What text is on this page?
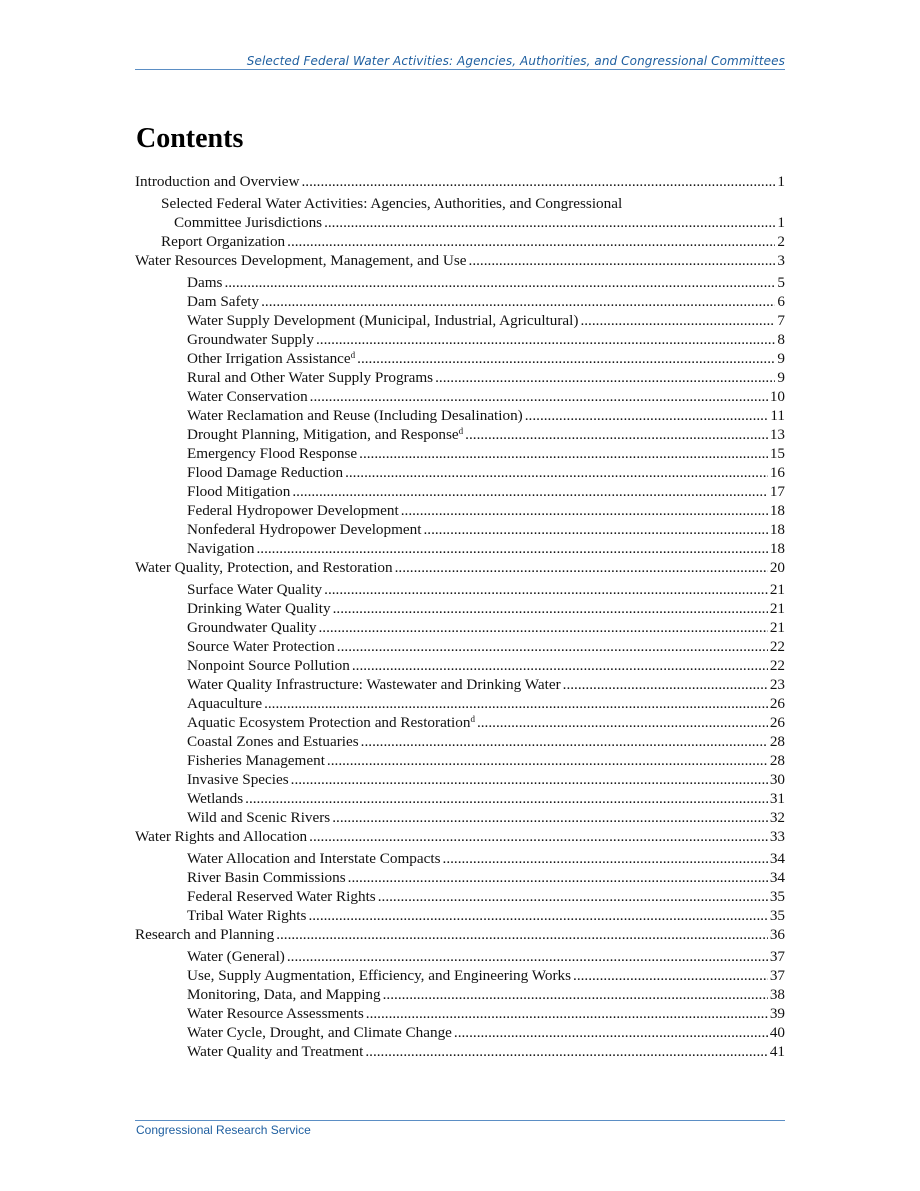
Selected Federal Water Activities: Agencies, Authorities, and Congressional Committees
Contents
Introduction and Overview .....	1
Selected Federal Water Activities: Agencies, Authorities, and Congressional
Committee Jurisdictions .....	1
Report Organization .....	2
Water Resources Development, Management, and Use .....	3
Dams .....	5
Dam Safety .....	6
Water Supply Development (Municipal, Industrial, Agricultural) .....	7
Groundwater Supply .....	8
Other Irrigation Assistance$^d$ .....	9
Rural and Other Water Supply Programs .....	9
Water Conservation .....	10
Water Reclamation and Reuse (Including Desalination) .....	11
Drought Planning, Mitigation, and Response$^d$ .....	13
Emergency Flood Response .....	15
Flood Damage Reduction .....	16
Flood Mitigation .....	17
Federal Hydropower Development .....	18
Nonfederal Hydropower Development .....	18
Navigation .....	18
Water Quality, Protection, and Restoration .....	20
Surface Water Quality .....	21
Drinking Water Quality .....	21
Groundwater Quality .....	21
Source Water Protection .....	22
Nonpoint Source Pollution .....	22
Water Quality Infrastructure: Wastewater and Drinking Water .....	23
Aquaculture .....	26
Aquatic Ecosystem Protection and Restoration$^d$ .....	26
Coastal Zones and Estuaries .....	28
Fisheries Management .....	28
Invasive Species .....	30
Wetlands .....	31
Wild and Scenic Rivers .....	32
Water Rights and Allocation .....	33
Water Allocation and Interstate Compacts .....	34
River Basin Commissions .....	34
Federal Reserved Water Rights .....	35
Tribal Water Rights .....	35
Research and Planning .....	36
Water (General) .....	37
Use, Supply Augmentation, Efficiency, and Engineering Works .....	37
Monitoring, Data, and Mapping .....	38
Water Resource Assessments .....	39
Water Cycle, Drought, and Climate Change .....	40
Water Quality and Treatment .....	41
Congressional Research Service
